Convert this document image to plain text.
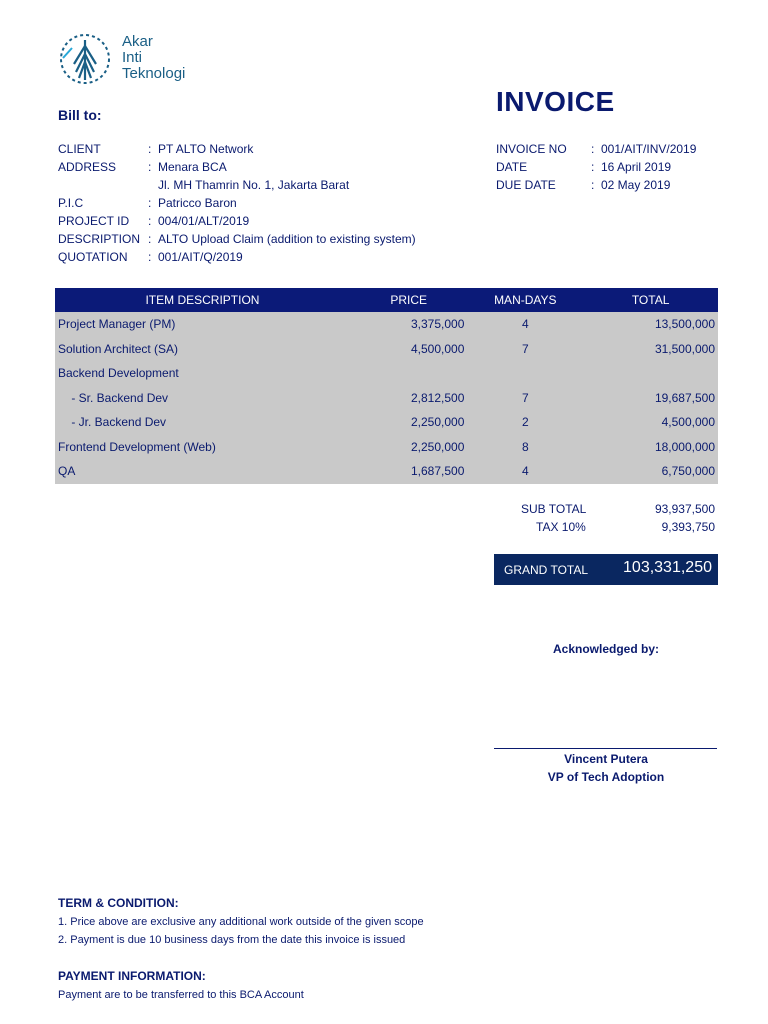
Akar
Inti
Teknologi
INVOICE
Bill to:
CLIENT	: PT ALTO Network
ADDRESS	: Menara BCA
Jl. MH Thamrin No. 1, Jakarta Barat
P.I.C	: Patricco Baron
PROJECT ID : 004/01/ALT/2019
DESCRIPTION : ALTO Upload Claim (addition to existing system)
QUOTATION : 001/AIT/Q/2019
INVOICE NO : 001/AIT/INV/2019
DATE	: 16 April 2019
DUE DATE	: 02 May 2019
ITEM DESCRIPTION	PRICE	MAN-DAYS	TOTAL
Project Manager (PM)	3,375,000	4	13,500,000
Solution Architect (SA)	4,500,000	7	31,500,000
Backend Development			
- Sr. Backend Dev	2,812,500	7	19,687,500
- Jr. Backend Dev	2,250,000	2	4,500,000
Frontend Development (Web)	2,250,000	8	18,000,000
QA	1,687,500	4	6,750,000
SUB TOTAL	93,937,500
TAX 10%	9,393,750
GRAND TOTAL 103,331,250
Acknowledged by:
Vincent Putera
VP of Tech Adoption
TERM & CONDITION:
1. Price above are exclusive any additional work outside of the given scope
2. Payment is due 10 business days from the date this invoice is issued
PAYMENT INFORMATION:
Payment are to be transferred to this BCA Account
